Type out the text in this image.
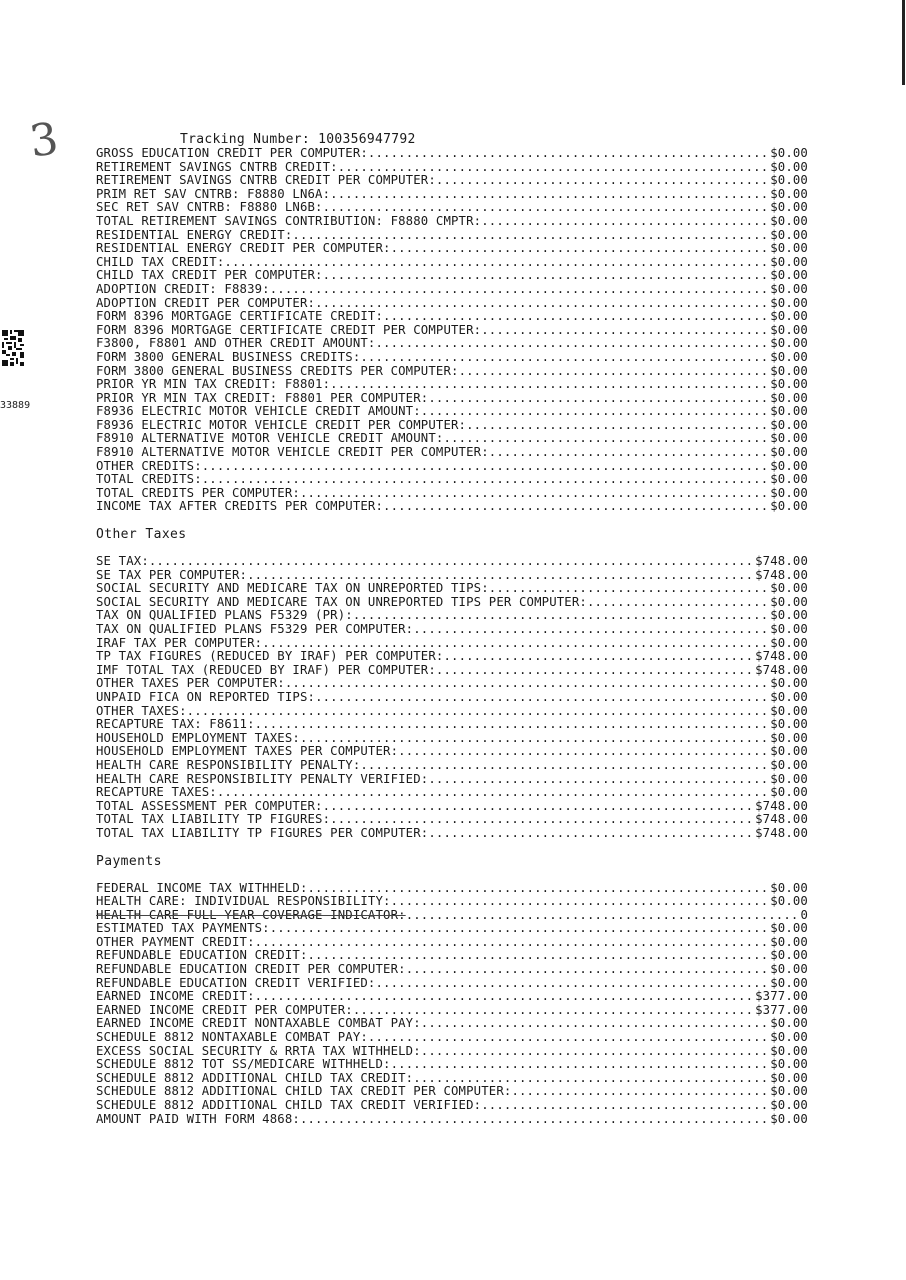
3
33889
Tracking Number: 100356947792
GROSS EDUCATION CREDIT PER COMPUTER: .....	$0.00
RETIREMENT SAVINGS CNTRB CREDIT: .....	$0.00
RETIREMENT SAVINGS CNTRB CREDIT PER COMPUTER: .....	$0.00
PRIM RET SAV CNTRB: F8880 LN6A: .....	$0.00
SEC RET SAV CNTRB: F8880 LN6B: .....	$0.00
TOTAL RETIREMENT SAVINGS CONTRIBUTION: F8880 CMPTR: .....	$0.00
RESIDENTIAL ENERGY CREDIT: .....	$0.00
RESIDENTIAL ENERGY CREDIT PER COMPUTER: .....	$0.00
CHILD TAX CREDIT: .....	$0.00
CHILD TAX CREDIT PER COMPUTER: .....	$0.00
ADOPTION CREDIT: F8839: .....	$0.00
ADOPTION CREDIT PER COMPUTER: .....	$0.00
FORM 8396 MORTGAGE CERTIFICATE CREDIT: .....	$0.00
FORM 8396 MORTGAGE CERTIFICATE CREDIT PER COMPUTER: .....	$0.00
F3800, F8801 AND OTHER CREDIT AMOUNT: .....	$0.00
FORM 3800 GENERAL BUSINESS CREDITS: .....	$0.00
FORM 3800 GENERAL BUSINESS CREDITS PER COMPUTER: .....	$0.00
PRIOR YR MIN TAX CREDIT: F8801: .....	$0.00
PRIOR YR MIN TAX CREDIT: F8801 PER COMPUTER: .....	$0.00
F8936 ELECTRIC MOTOR VEHICLE CREDIT AMOUNT: .....	$0.00
F8936 ELECTRIC MOTOR VEHICLE CREDIT PER COMPUTER: .....	$0.00
F8910 ALTERNATIVE MOTOR VEHICLE CREDIT AMOUNT: .....	$0.00
F8910 ALTERNATIVE MOTOR VEHICLE CREDIT PER COMPUTER: .....	$0.00
OTHER CREDITS: .....	$0.00
TOTAL CREDITS: .....	$0.00
TOTAL CREDITS PER COMPUTER: .....	$0.00
INCOME TAX AFTER CREDITS PER COMPUTER: .....	$0.00
Other Taxes
SE TAX: .....	$748.00
SE TAX PER COMPUTER: .....	$748.00
SOCIAL SECURITY AND MEDICARE TAX ON UNREPORTED TIPS: .....	$0.00
SOCIAL SECURITY AND MEDICARE TAX ON UNREPORTED TIPS PER COMPUTER: .....	$0.00
TAX ON QUALIFIED PLANS F5329 (PR): .....	$0.00
TAX ON QUALIFIED PLANS F5329 PER COMPUTER: .....	$0.00
IRAF TAX PER COMPUTER: .....	$0.00
TP TAX FIGURES (REDUCED BY IRAF) PER COMPUTER: .....	$748.00
IMF TOTAL TAX (REDUCED BY IRAF) PER COMPUTER: .....	$748.00
OTHER TAXES PER COMPUTER: .....	$0.00
UNPAID FICA ON REPORTED TIPS: .....	$0.00
OTHER TAXES: .....	$0.00
RECAPTURE TAX: F8611: .....	$0.00
HOUSEHOLD EMPLOYMENT TAXES: .....	$0.00
HOUSEHOLD EMPLOYMENT TAXES PER COMPUTER: .....	$0.00
HEALTH CARE RESPONSIBILITY PENALTY: .....	$0.00
HEALTH CARE RESPONSIBILITY PENALTY VERIFIED: .....	$0.00
RECAPTURE TAXES: .....	$0.00
TOTAL ASSESSMENT PER COMPUTER: .....	$748.00
TOTAL TAX LIABILITY TP FIGURES: .....	$748.00
TOTAL TAX LIABILITY TP FIGURES PER COMPUTER: .....	$748.00
Payments
FEDERAL INCOME TAX WITHHELD: .....	$0.00
HEALTH CARE: INDIVIDUAL RESPONSIBILITY: .....	$0.00
HEALTH CARE FULL-YEAR COVERAGE INDICATOR: .....	0
ESTIMATED TAX PAYMENTS: .....	$0.00
OTHER PAYMENT CREDIT: .....	$0.00
REFUNDABLE EDUCATION CREDIT: .....	$0.00
REFUNDABLE EDUCATION CREDIT PER COMPUTER: .....	$0.00
REFUNDABLE EDUCATION CREDIT VERIFIED: .....	$0.00
EARNED INCOME CREDIT: .....	$377.00
EARNED INCOME CREDIT PER COMPUTER: .....	$377.00
EARNED INCOME CREDIT NONTAXABLE COMBAT PAY: .....	$0.00
SCHEDULE 8812 NONTAXABLE COMBAT PAY: .....	$0.00
EXCESS SOCIAL SECURITY & RRTA TAX WITHHELD: .....	$0.00
SCHEDULE 8812 TOT SS/MEDICARE WITHHELD: .....	$0.00
SCHEDULE 8812 ADDITIONAL CHILD TAX CREDIT: .....	$0.00
SCHEDULE 8812 ADDITIONAL CHILD TAX CREDIT PER COMPUTER: .....	$0.00
SCHEDULE 8812 ADDITIONAL CHILD TAX CREDIT VERIFIED: .....	$0.00
AMOUNT PAID WITH FORM 4868: .....	$0.00
